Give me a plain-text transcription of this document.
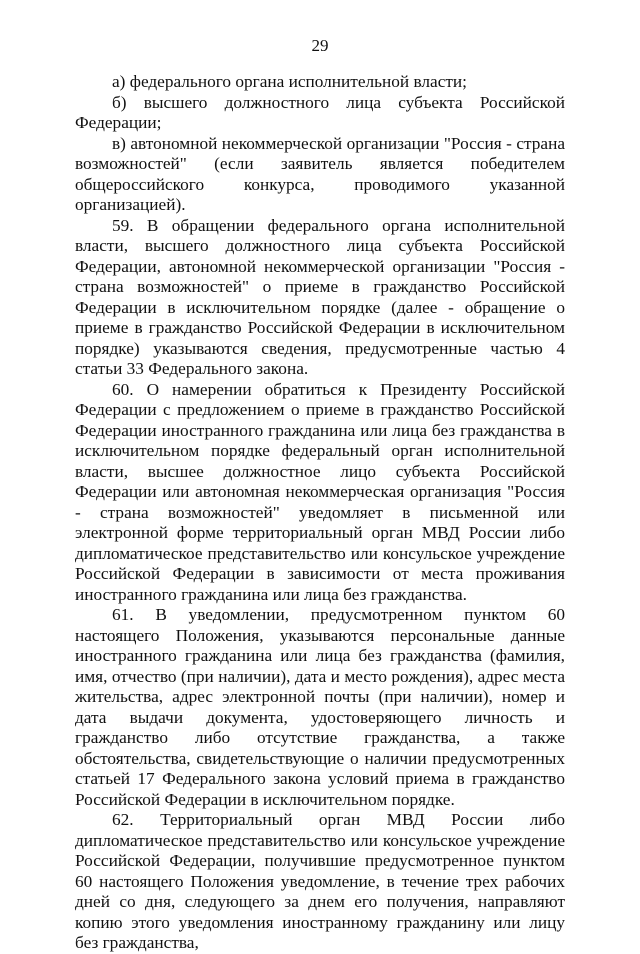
29

а) федерального органа исполнительной власти;

б) высшего должностного лица субъекта Российской Федерации;

в) автономной некоммерческой организации "Россия - страна возможностей" (если заявитель является победителем общероссийского конкурса, проводимого указанной организацией).

59. В обращении федерального органа исполнительной власти, высшего должностного лица субъекта Российской Федерации, автономной некоммерческой организации "Россия - страна возможностей" о приеме в гражданство Российской Федерации в исключительном порядке (далее - обращение о приеме в гражданство Российской Федерации в исключительном порядке) указываются сведения, предусмотренные частью 4 статьи 33 Федерального закона.

60. О намерении обратиться к Президенту Российской Федерации с предложением о приеме в гражданство Российской Федерации иностранного гражданина или лица без гражданства в исключительном порядке федеральный орган исполнительной власти, высшее должностное лицо субъекта Российской Федерации или автономная некоммерческая организация "Россия - страна возможностей" уведомляет в письменной или электронной форме территориальный орган МВД России либо дипломатическое представительство или консульское учреждение Российской Федерации в зависимости от места проживания иностранного гражданина или лица без гражданства.

61. В уведомлении, предусмотренном пунктом 60 настоящего Положения, указываются персональные данные иностранного гражданина или лица без гражданства (фамилия, имя, отчество (при наличии), дата и место рождения), адрес места жительства, адрес электронной почты (при наличии), номер и дата выдачи документа, удостоверяющего личность и гражданство либо отсутствие гражданства, а также обстоятельства, свидетельствующие о наличии предусмотренных статьей 17 Федерального закона условий приема в гражданство Российской Федерации в исключительном порядке.

62. Территориальный орган МВД России либо дипломатическое представительство или консульское учреждение Российской Федерации, получившие предусмотренное пунктом 60 настоящего Положения уведомление, в течение трех рабочих дней со дня, следующего за днем его получения, направляют копию этого уведомления иностранному гражданину или лицу без гражданства,
